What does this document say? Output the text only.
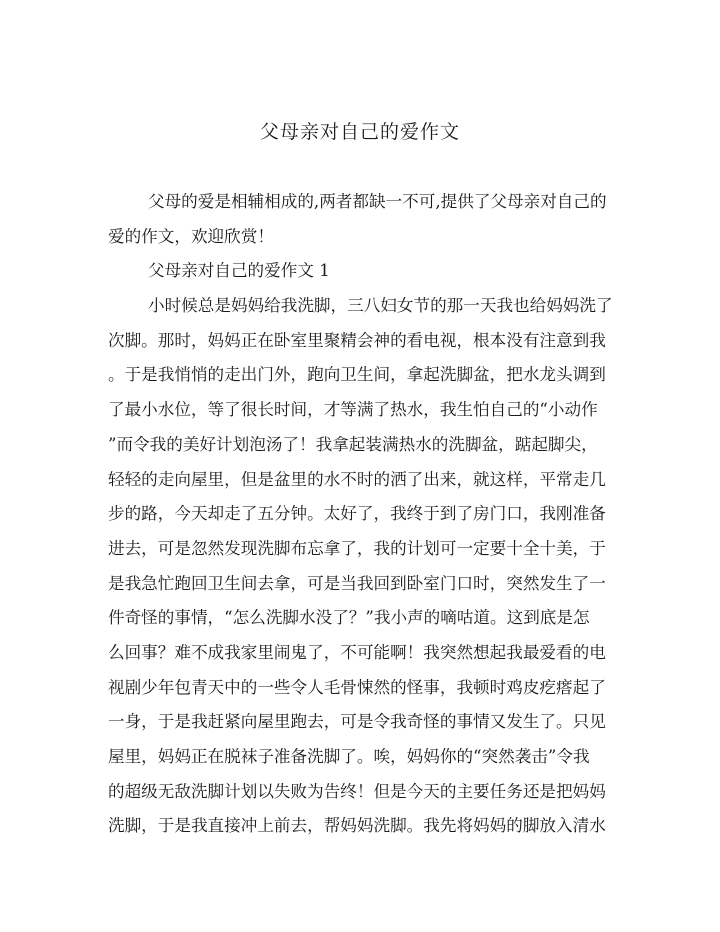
父母亲对自己的爱作文
父母的爱是相辅相成的,两者都缺一不可,提供了父母亲对自己的
爱的作文，欢迎欣赏！
父母亲对自己的爱作文 1
小时候总是妈妈给我洗脚，三八妇女节的那一天我也给妈妈洗了
次脚。那时，妈妈正在卧室里聚精会神的看电视，根本没有注意到我
。于是我悄悄的走出门外，跑向卫生间，拿起洗脚盆，把水龙头调到
了最小水位，等了很长时间，才等满了热水，我生怕自己的“小动作
”而令我的美好计划泡汤了！我拿起装满热水的洗脚盆，踮起脚尖，
轻轻的走向屋里，但是盆里的水不时的洒了出来，就这样，平常走几
步的路，今天却走了五分钟。太好了，我终于到了房门口，我刚准备
进去，可是忽然发现洗脚布忘拿了，我的计划可一定要十全十美，于
是我急忙跑回卫生间去拿，可是当我回到卧室门口时，突然发生了一
件奇怪的事情，“怎么洗脚水没了？”我小声的嘀咕道。这到底是怎
么回事？难不成我家里闹鬼了，不可能啊！我突然想起我最爱看的电
视剧少年包青天中的一些令人毛骨悚然的怪事，我顿时鸡皮疙瘩起了
一身，于是我赶紧向屋里跑去，可是令我奇怪的事情又发生了。只见
屋里，妈妈正在脱袜子准备洗脚了。唉，妈妈你的“突然袭击”令我
的超级无敌洗脚计划以失败为告终！但是今天的主要任务还是把妈妈
洗脚，于是我直接冲上前去，帮妈妈洗脚。我先将妈妈的脚放入清水
